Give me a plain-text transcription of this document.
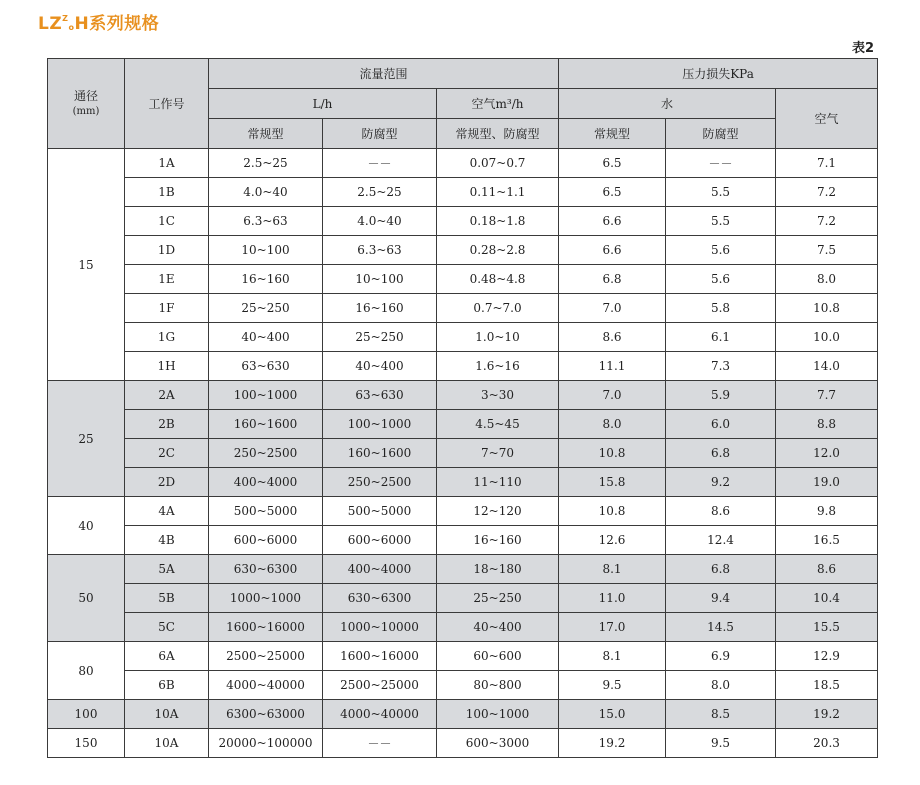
$LZ^Z_oH$系列规格
表2
通径
(mm)	工作号	流量范围			压力损失KPa		
		L/h		空气m³/h	水		空气
		常规型	防腐型	常规型、防腐型	常规型	防腐型	
15	1A	2.5~25	－－	0.07~0.7	6.5	－－	7.1
	1B	4.0~40	2.5~25	0.11~1.1	6.5	5.5	7.2
	1C	6.3~63	4.0~40	0.18~1.8	6.6	5.5	7.2
	1D	10~100	6.3~63	0.28~2.8	6.6	5.6	7.5
	1E	16~160	10~100	0.48~4.8	6.8	5.6	8.0
	1F	25~250	16~160	0.7~7.0	7.0	5.8	10.8
	1G	40~400	25~250	1.0~10	8.6	6.1	10.0
	1H	63~630	40~400	1.6~16	11.1	7.3	14.0
25	2A	100~1000	63~630	3~30	7.0	5.9	7.7
	2B	160~1600	100~1000	4.5~45	8.0	6.0	8.8
	2C	250~2500	160~1600	7~70	10.8	6.8	12.0
	2D	400~4000	250~2500	11~110	15.8	9.2	19.0
40	4A	500~5000	500~5000	12~120	10.8	8.6	9.8
	4B	600~6000	600~6000	16~160	12.6	12.4	16.5
50	5A	630~6300	400~4000	18~180	8.1	6.8	8.6
	5B	1000~1000	630~6300	25~250	11.0	9.4	10.4
	5C	1600~16000	1000~10000	40~400	17.0	14.5	15.5
80	6A	2500~25000	1600~16000	60~600	8.1	6.9	12.9
	6B	4000~40000	2500~25000	80~800	9.5	8.0	18.5
100	10A	6300~63000	4000~40000	100~1000	15.0	8.5	19.2
150	10A	20000~100000	－－	600~3000	19.2	9.5	20.3
